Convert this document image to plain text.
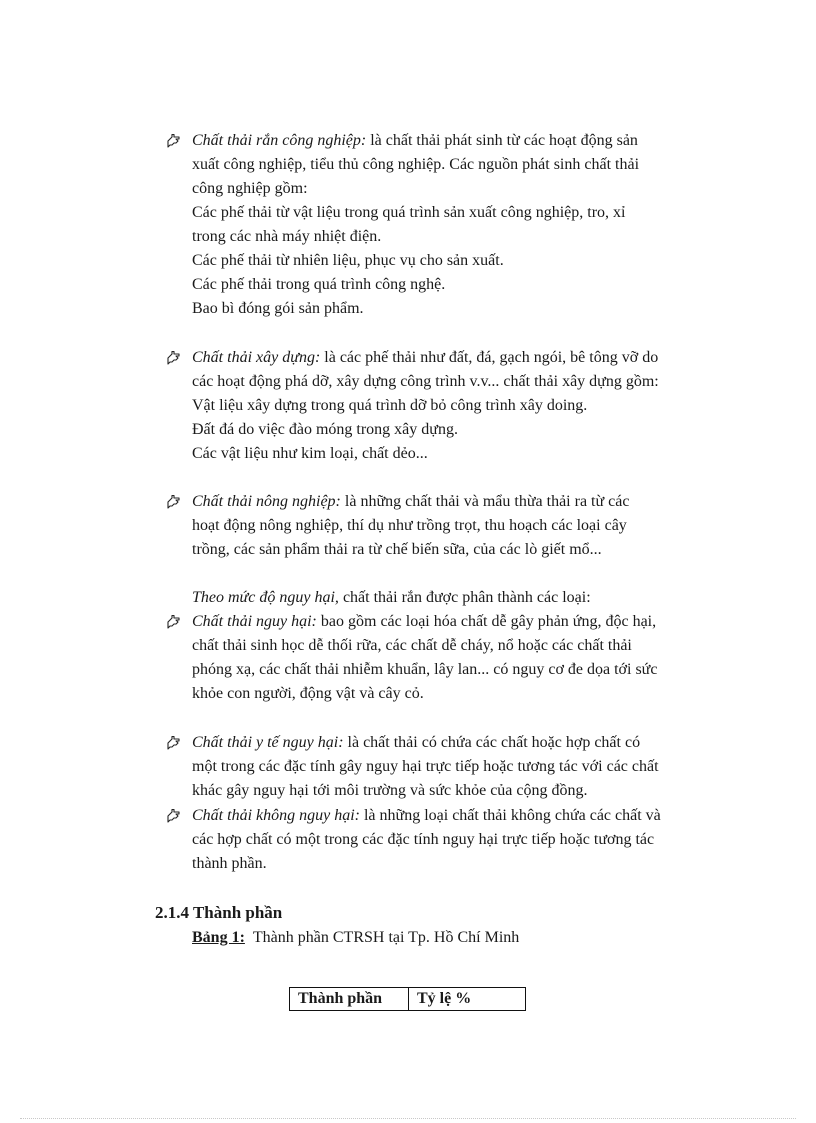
Chất thải rắn công nghiệp: là chất thải phát sinh từ các hoạt động sản
xuất công nghiệp, tiểu thủ công nghiệp. Các nguồn phát sinh chất thải
công nghiệp gồm:
Các phế thải từ vật liệu trong quá trình sản xuất công nghiệp, tro, xỉ
trong các nhà máy nhiệt điện.
Các phế thải từ nhiên liệu, phục vụ cho sản xuất.
Các phế thải trong quá trình công nghệ.
Bao bì đóng gói sản phẩm.
Chất thải xây dựng: là các phế thải như đất, đá, gạch ngói, bê tông vỡ do
các hoạt động phá dỡ, xây dựng công trình v.v... chất thải xây dựng gồm:
Vật liệu xây dựng trong quá trình dỡ bỏ công trình xây doing.
Đất đá do việc đào móng trong xây dựng.
Các vật liệu như kim loại, chất dẻo...
Chất thải nông nghiệp: là những chất thải và mẩu thừa thải ra từ các
hoạt động nông nghiệp, thí dụ như trồng trọt, thu hoạch các loại cây
trồng, các sản phẩm thải ra từ chế biến sữa, của các lò giết mổ...
Theo mức độ nguy hại, chất thải rắn được phân thành các loại:
Chất thải nguy hại: bao gồm các loại hóa chất dễ gây phản ứng, độc hại,
chất thải sinh học dễ thối rữa, các chất dễ cháy, nổ hoặc các chất thải
phóng xạ, các chất thải nhiễm khuẩn, lây lan... có nguy cơ đe dọa tới sức
khỏe con người, động vật và cây cỏ.
Chất thải y tế nguy hại: là chất thải có chứa các chất hoặc hợp chất có
một trong các đặc tính gây nguy hại trực tiếp hoặc tương tác với các chất
khác gây nguy hại tới môi trường và sức khỏe của cộng đồng.
Chất thải không nguy hại: là những loại chất thải không chứa các chất và
các hợp chất có một trong các đặc tính nguy hại trực tiếp hoặc tương tác
thành phần.
2.1.4 Thành phần
Bảng 1: Thành phần CTRSH tại Tp. Hồ Chí Minh
Thành phần	Tỷ lệ %
